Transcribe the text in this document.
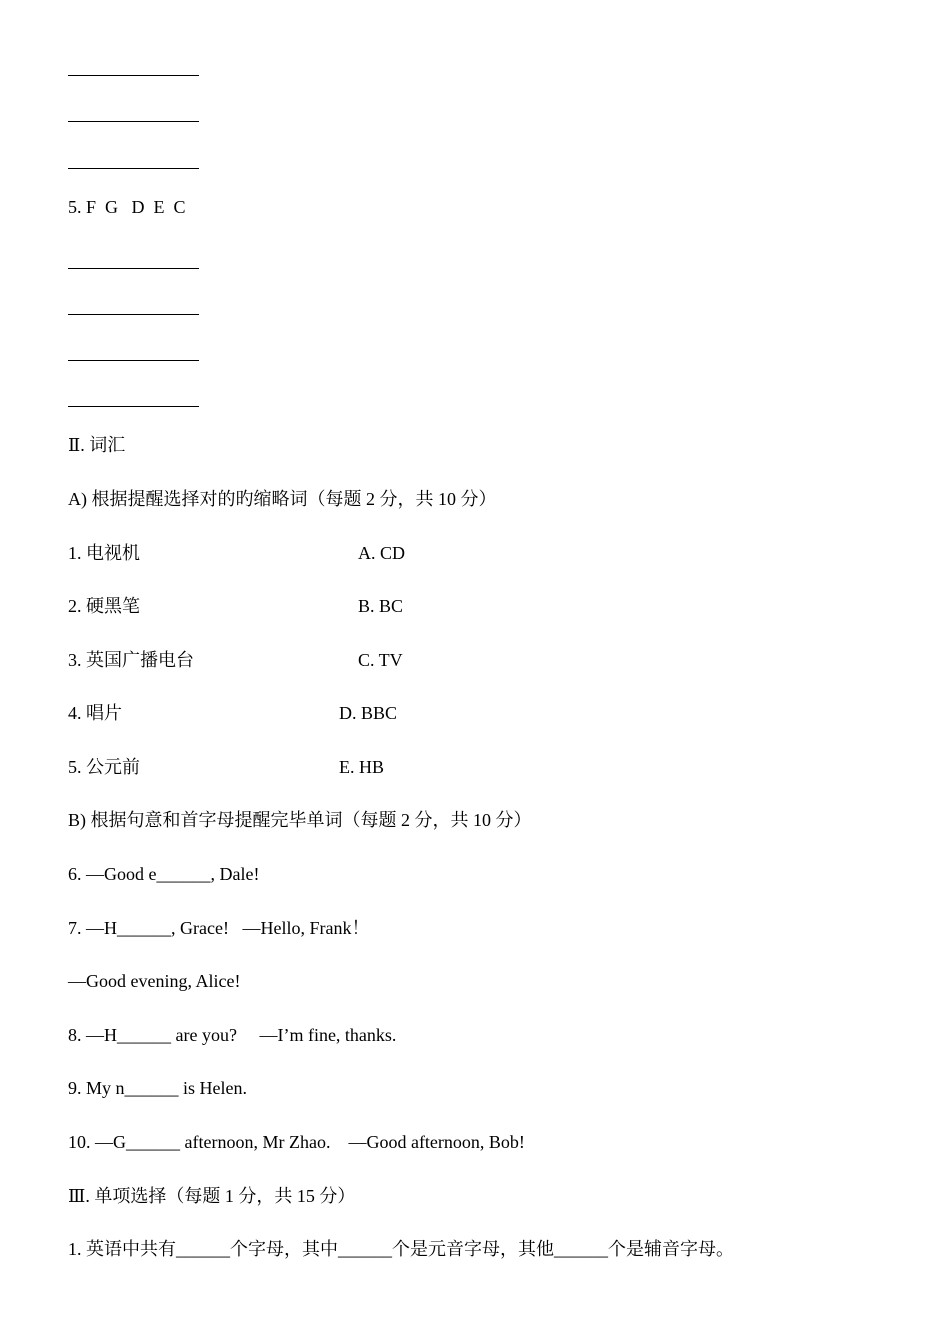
5. F  G   D  E  C
Ⅱ. 词汇
A) 根据提醒选择对的旳缩略词（每题 2 分，共 10 分）
1. 电视机	A. CD
2. 硬黑笔	B. BC
3. 英国广播电台	C. TV
4. 唱片	D. BBC
5. 公元前	E. HB
B) 根据句意和首字母提醒完毕单词（每题 2 分，共 10 分）
6. —Good e______, Dale!
7. —H______, Grace!   —Hello, Frank！
—Good evening, Alice!
8. —H______ are you?     —I’m fine, thanks.
9. My n______ is Helen.
10. —G______ afternoon, Mr Zhao.    —Good afternoon, Bob!
Ⅲ. 单项选择（每题 1 分，共 15 分）
1. 英语中共有______个字母，其中______个是元音字母，其他______个是辅音字母。
